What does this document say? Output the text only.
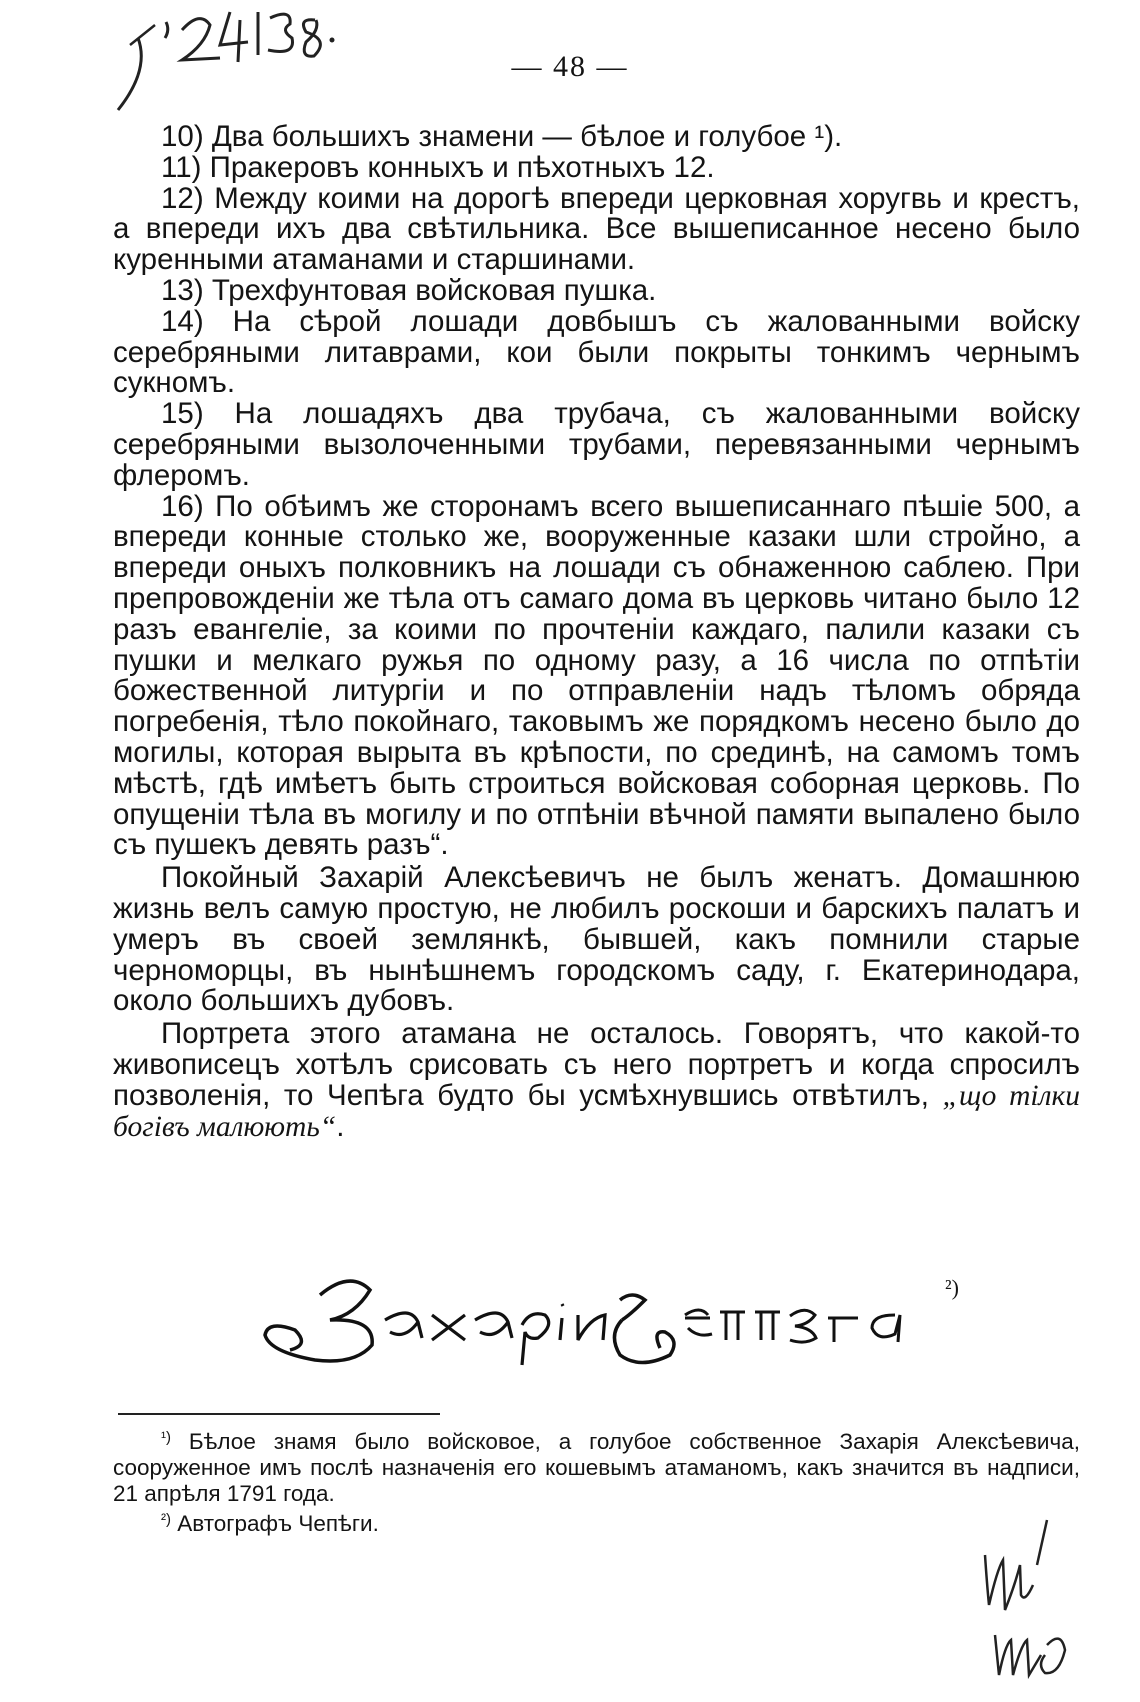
— 48 —

10) Два большихъ знамени — бѣлое и голубое ¹).

11) Пракеровъ конныхъ и пѣхотныхъ 12.

12) Между коими на дорогѣ впереди церковная хоругвь и крестъ, а впереди ихъ два свѣтильника. Все вышеписанное несено было куренными атаманами и старшинами.

13) Трехфунтовая войсковая пушка.

14) На сѣрой лошади довбышъ съ жалованными войску серебряными литаврами, кои были покрыты тонкимъ чернымъ сукномъ.

15) На лошадяхъ два трубача, съ жалованными войску серебряными вызолоченными трубами, перевязанными чернымъ флеромъ.

16) По обѣимъ же сторонамъ всего вышеписаннаго пѣшіе 500, а впереди конные столько же, вооруженные казаки шли стройно, а впереди оныхъ полковникъ на лошади съ обнаженною саблею. При препровожденіи же тѣла отъ самаго дома въ церковь читано было 12 разъ евангеліе, за коими по прочтеніи каждаго, палили казаки съ пушки и мелкаго ружья по одному разу, а 16 числа по отпѣтіи божественной литургіи и по отправленіи надъ тѣломъ обряда погребенія, тѣло покойнаго, таковымъ же порядкомъ несено было до могилы, которая вырыта въ крѣпости, по срединѣ, на самомъ томъ мѣстѣ, гдѣ имѣетъ быть строиться войсковая соборная церковь. По опущеніи тѣла въ могилу и по отпѣніи вѣчной памяти выпалено было съ пушекъ девять разъ“.

Покойный Захарій Алексѣевичъ не былъ женатъ. Домашнюю жизнь велъ самую простую, не любилъ роскоши и барскихъ палатъ и умеръ въ своей землянкѣ, бывшей, какъ помнили старые черноморцы, въ нынѣшнемъ городскомъ саду, г. Екатеринодара, около большихъ дубовъ.

Портрета этого атамана не осталось. Говорятъ, что какой-то живописецъ хотѣлъ срисовать съ него портретъ и когда спросилъ позволенія, то Чепѣга будто бы усмѣхнувшись отвѣтилъ, „що тілки богівъ малюють“.

²)

$^{^1)}$ Бѣлое знамя было войсковое, а голубое собственное Захарія Алексѣевича, сооруженное имъ послѣ назначенія его кошевымъ атаманомъ, какъ значится въ надписи, 21 апрѣля 1791 года.

$^{^2)}$ Автографъ Чепѣги.
